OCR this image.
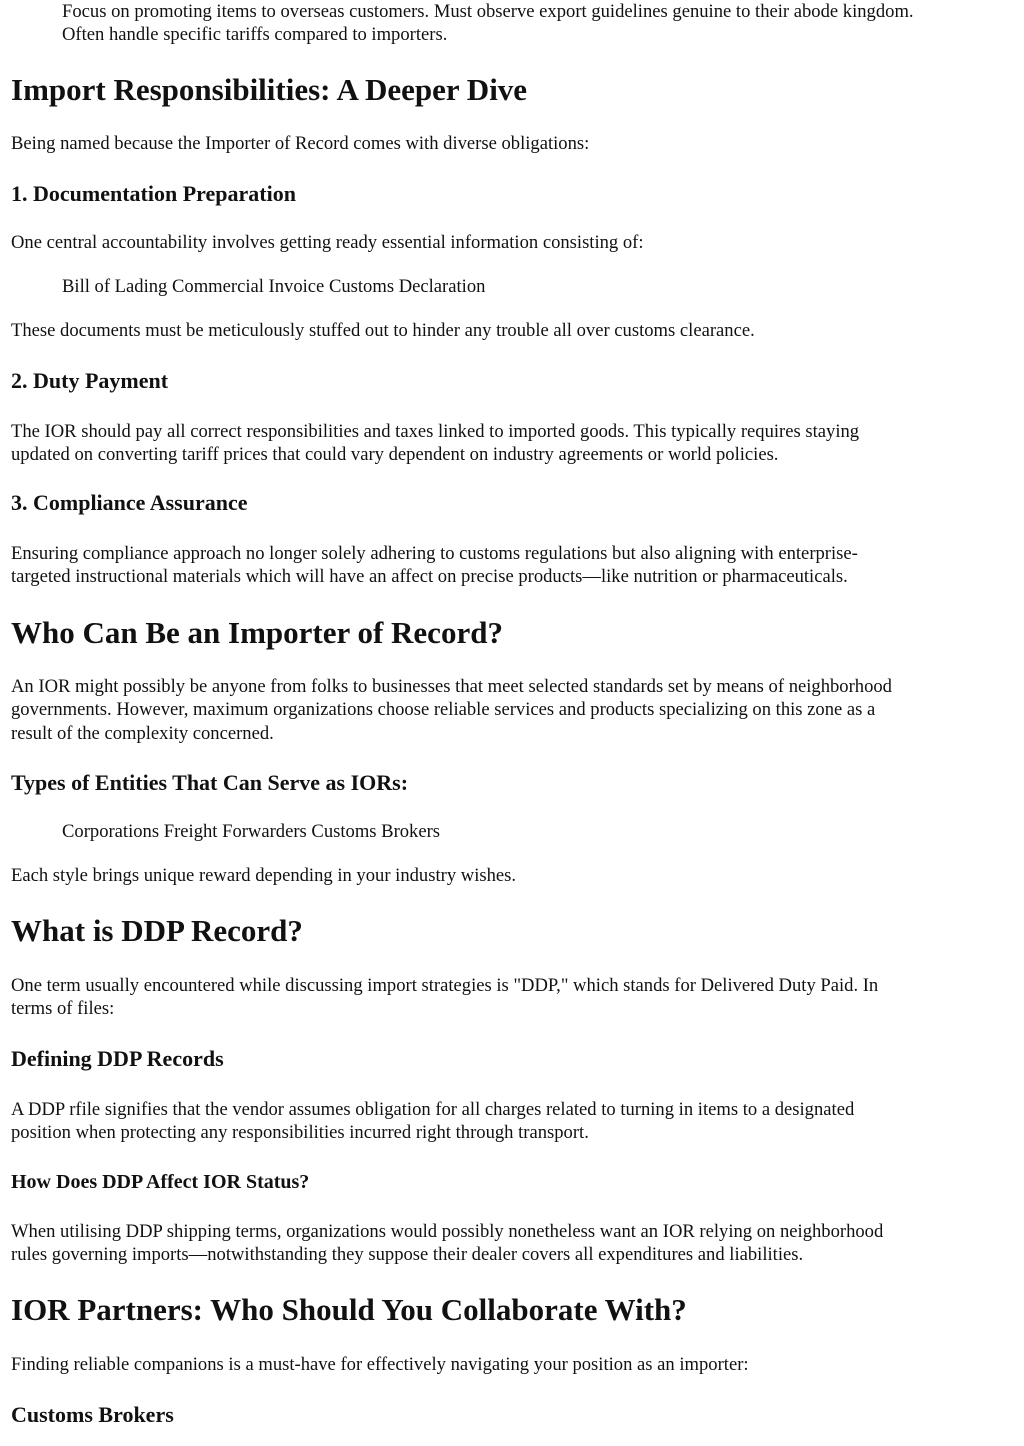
Focus on promoting items to overseas customers. Must observe export guidelines genuine to their abode kingdom.
Often handle specific tariffs compared to importers.
Import Responsibilities: A Deeper Dive

Being named because the Importer of Record comes with diverse obligations:

1. Documentation Preparation

One central accountability involves getting ready essential information consisting of:

Bill of Lading Commercial Invoice Customs Declaration

These documents must be meticulously stuffed out to hinder any trouble all over customs clearance.

2. Duty Payment

The IOR should pay all correct responsibilities and taxes linked to imported goods. This typically requires staying
updated on converting tariff prices that could vary dependent on industry agreements or world policies.

3. Compliance Assurance

Ensuring compliance approach no longer solely adhering to customs regulations but also aligning with enterprise-
targeted instructional materials which will have an affect on precise products—like nutrition or pharmaceuticals.

Who Can Be an Importer of Record?

An IOR might possibly be anyone from folks to businesses that meet selected standards set by means of neighborhood
governments. However, maximum organizations choose reliable services and products specializing on this zone as a
result of the complexity concerned.

Types of Entities That Can Serve as IORs:

Corporations Freight Forwarders Customs Brokers

Each style brings unique reward depending in your industry wishes.

What is DDP Record?

One term usually encountered while discussing import strategies is "DDP," which stands for Delivered Duty Paid. In
terms of files:

Defining DDP Records

A DDP rfile signifies that the vendor assumes obligation for all charges related to turning in items to a designated
position when protecting any responsibilities incurred right through transport.

How Does DDP Affect IOR Status?

When utilising DDP shipping terms, organizations would possibly nonetheless want an IOR relying on neighborhood
rules governing imports—notwithstanding they suppose their dealer covers all expenditures and liabilities.

IOR Partners: Who Should You Collaborate With?

Finding reliable companions is a must-have for effectively navigating your position as an importer:

Customs Brokers
